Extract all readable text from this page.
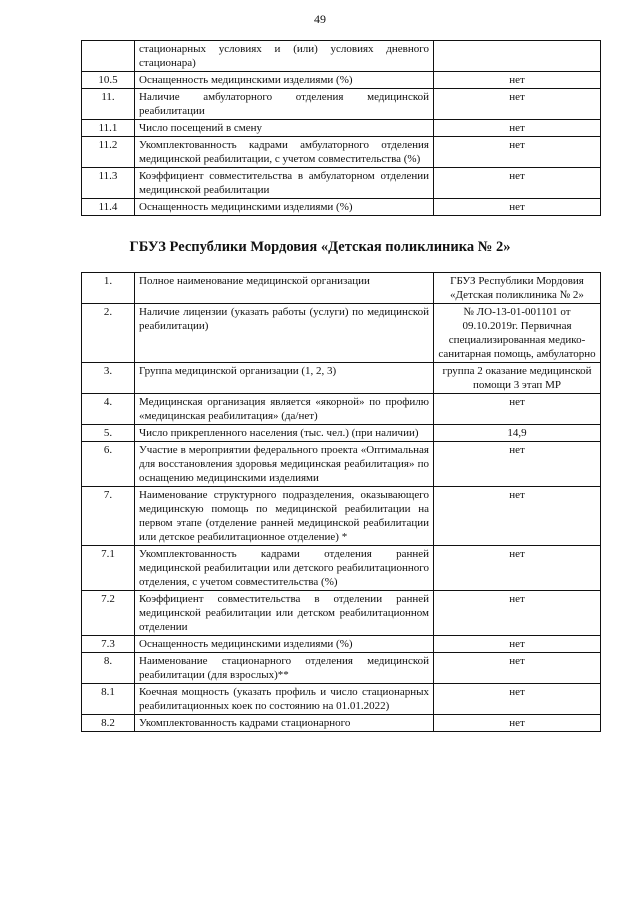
49
	стационарных условиях и (или) условиях дневного стационара)	
10.5	Оснащенность медицинскими изделиями (%)	нет
11.	Наличие амбулаторного отделения медицинской реабилитации	нет
11.1	Число посещений в смену	нет
11.2	Укомплектованность кадрами амбулаторного отделения медицинской реабилитации, с учетом совместительства (%)	нет
11.3	Коэффициент совместительства в амбулаторном отделении медицинской реабилитации	нет
11.4	Оснащенность медицинскими изделиями (%)	нет
ГБУЗ Республики Мордовия «Детская поликлиника № 2»
1.	Полное наименование медицинской организации	ГБУЗ Республики Мордовия «Детская поликлиника № 2»
2.	Наличие лицензии (указать работы (услуги) по медицинской реабилитации)	№ ЛО-13-01-001101 от 09.10.2019г. Первичная специализированная медико-санитарная помощь, амбулаторно
3.	Группа медицинской организации (1, 2, 3)	группа 2 оказание медицинской помощи 3 этап МР
4.	Медицинская организация является «якорной» по профилю «медицинская реабилитация» (да/нет)	нет
5.	Число прикрепленного населения (тыс. чел.) (при наличии)	14,9
6.	Участие в мероприятии федерального проекта «Оптимальная для восстановления здоровья медицинская реабилитация» по оснащению медицинскими изделиями	нет
7.	Наименование структурного подразделения, оказывающего медицинскую помощь по медицинской реабилитации на первом этапе (отделение ранней медицинской реабилитации или детское реабилитационное отделение) *	нет
7.1	Укомплектованность кадрами отделения ранней медицинской реабилитации или детского реабилитационного отделения, с учетом совместительства (%)	нет
7.2	Коэффициент совместительства в отделении ранней медицинской реабилитации или детском реабилитационном отделении	нет
7.3	Оснащенность медицинскими изделиями (%)	нет
8.	Наименование стационарного отделения медицинской реабилитации (для взрослых)**	нет
8.1	Коечная мощность (указать профиль и число стационарных реабилитационных коек по состоянию на 01.01.2022)	нет
8.2	Укомплектованность кадрами стационарного	нет
